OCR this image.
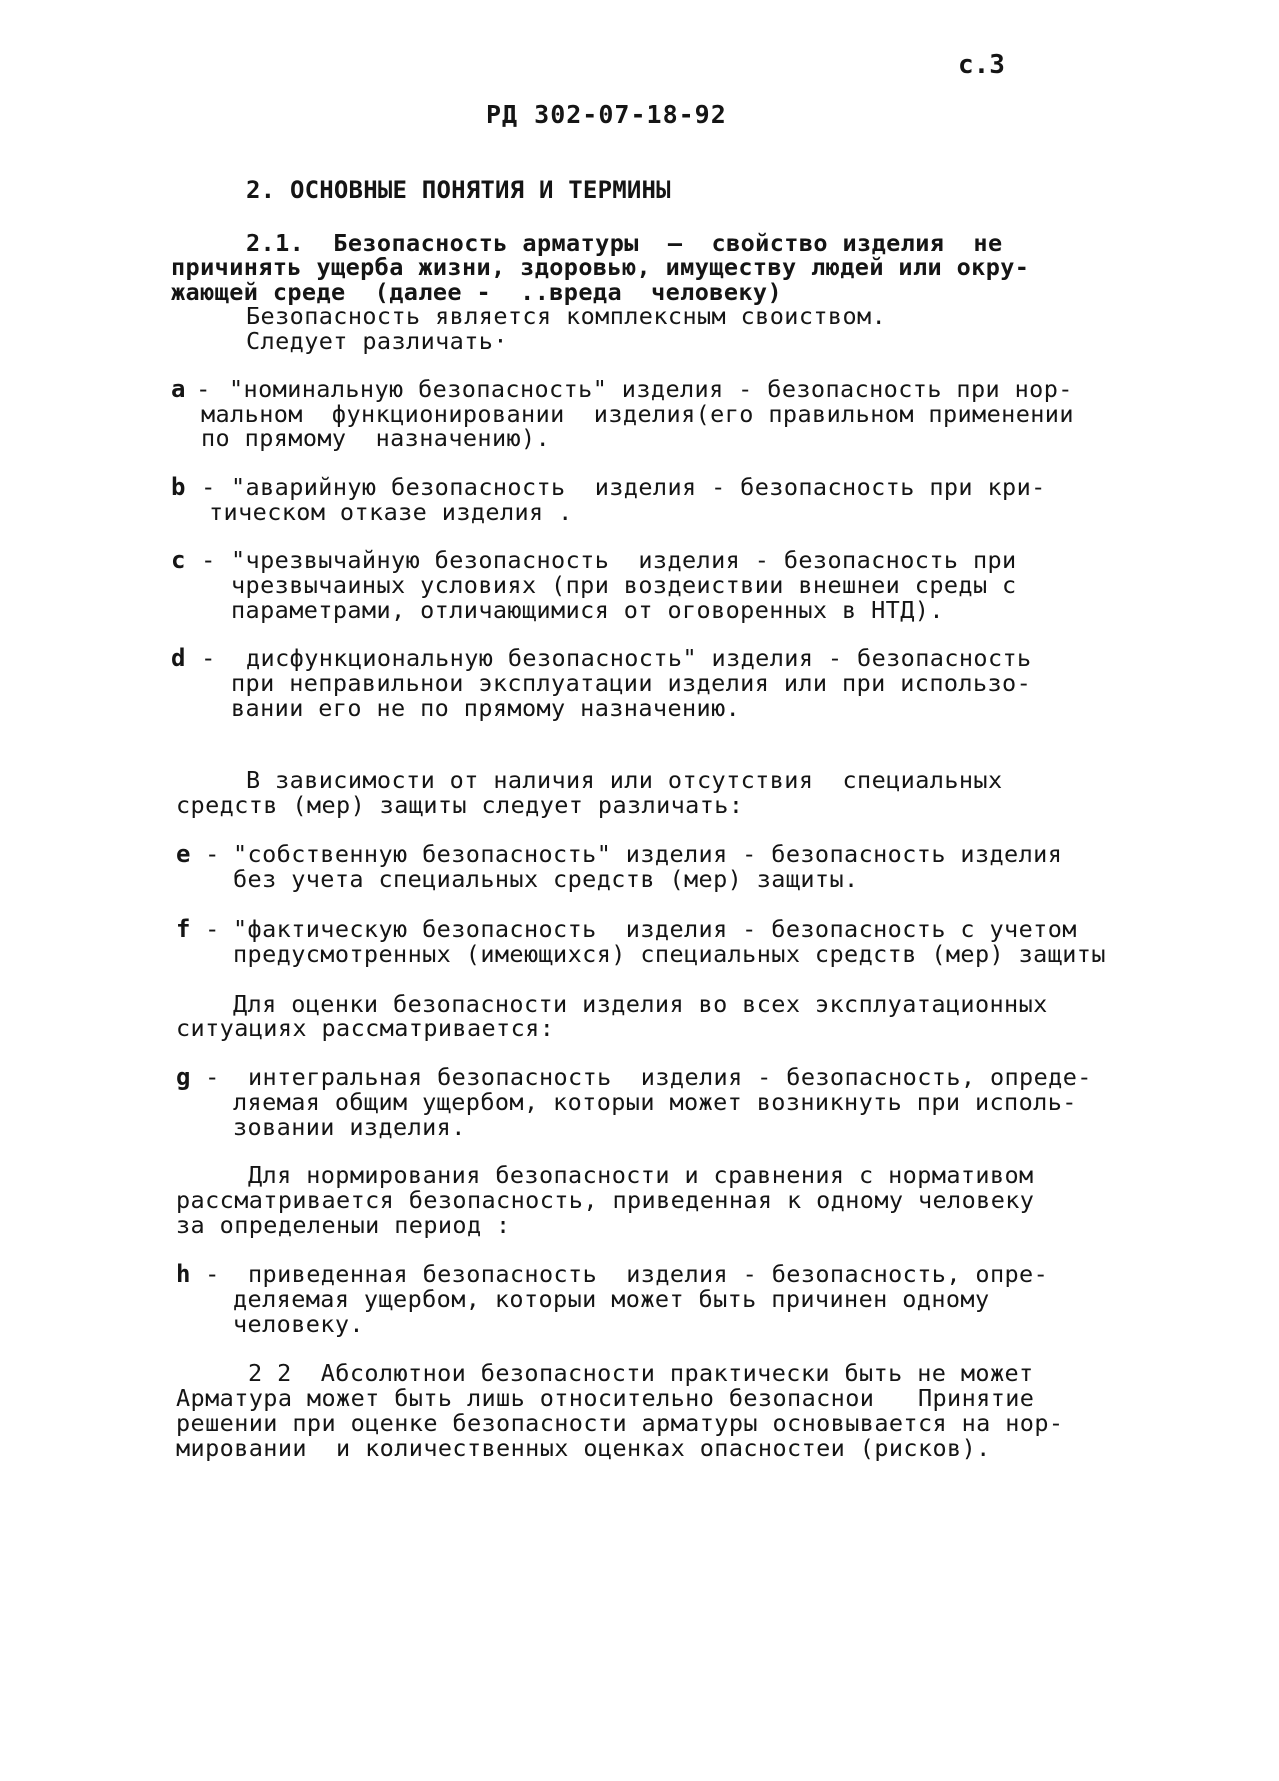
с.3
РД 302-07-18-92
2. ОСНОВНЫЕ ПОНЯТИЯ И ТЕРМИНЫ
2.1.  Безопасность арматуры  –  свойство изделия  не
причинять ущерба жизни, здоровью, имуществу людей или окру-
жающей среде  (далее -  ..вреда  человеку)
Безопасность является комплексным своиством.
Следует различать·
a - "номинальную безопасность" изделия - безопасность при нор-
мальном  функционировании  изделия(его правильном применении
по прямому  назначению).
b - "аварийную безопасность  изделия - безопасность при кри-
тическом отказе изделия .
c - "чрезвычайную безопасность  изделия - безопасность при
чрезвычаиных условиях (при воздеиствии внешнеи среды с
параметрами, отличающимися от оговоренных в НТД).
d - дисфункциональную безопасность" изделия - безопасность
при неправильнои эксплуатации изделия или при использо-
вании его не по прямому назначению.
В зависимости от наличия или отсутствия  специальных
средств (мер) защиты следует различать:
e - "собственную безопасность" изделия - безопасность изделия
без учета специальных средств (мер) защиты.
f - "фактическую безопасность  изделия - безопасность с учетом
предусмотренных (имеющихся) специальных средств (мер) защиты
Для оценки безопасности изделия во всех эксплуатационных
ситуациях рассматривается:
g - интегральная безопасность  изделия - безопасность, опреде-
ляемая общим ущербом, которыи может возникнуть при исполь-
зовании изделия.
Для нормирования безопасности и сравнения с нормативом
рассматривается безопасность, приведенная к одному человеку
за определеныи период :
h - приведенная безопасность  изделия - безопасность, опре-
деляемая ущербом, которыи может быть причинен одному
человеку.
2 2  Абсолютнои безопасности практически быть не может
Арматура может быть лишь относительно безопаснои   Принятие
решении при оценке безопасности арматуры основывается на нор-
мировании  и количественных оценках опасностеи (рисков).
